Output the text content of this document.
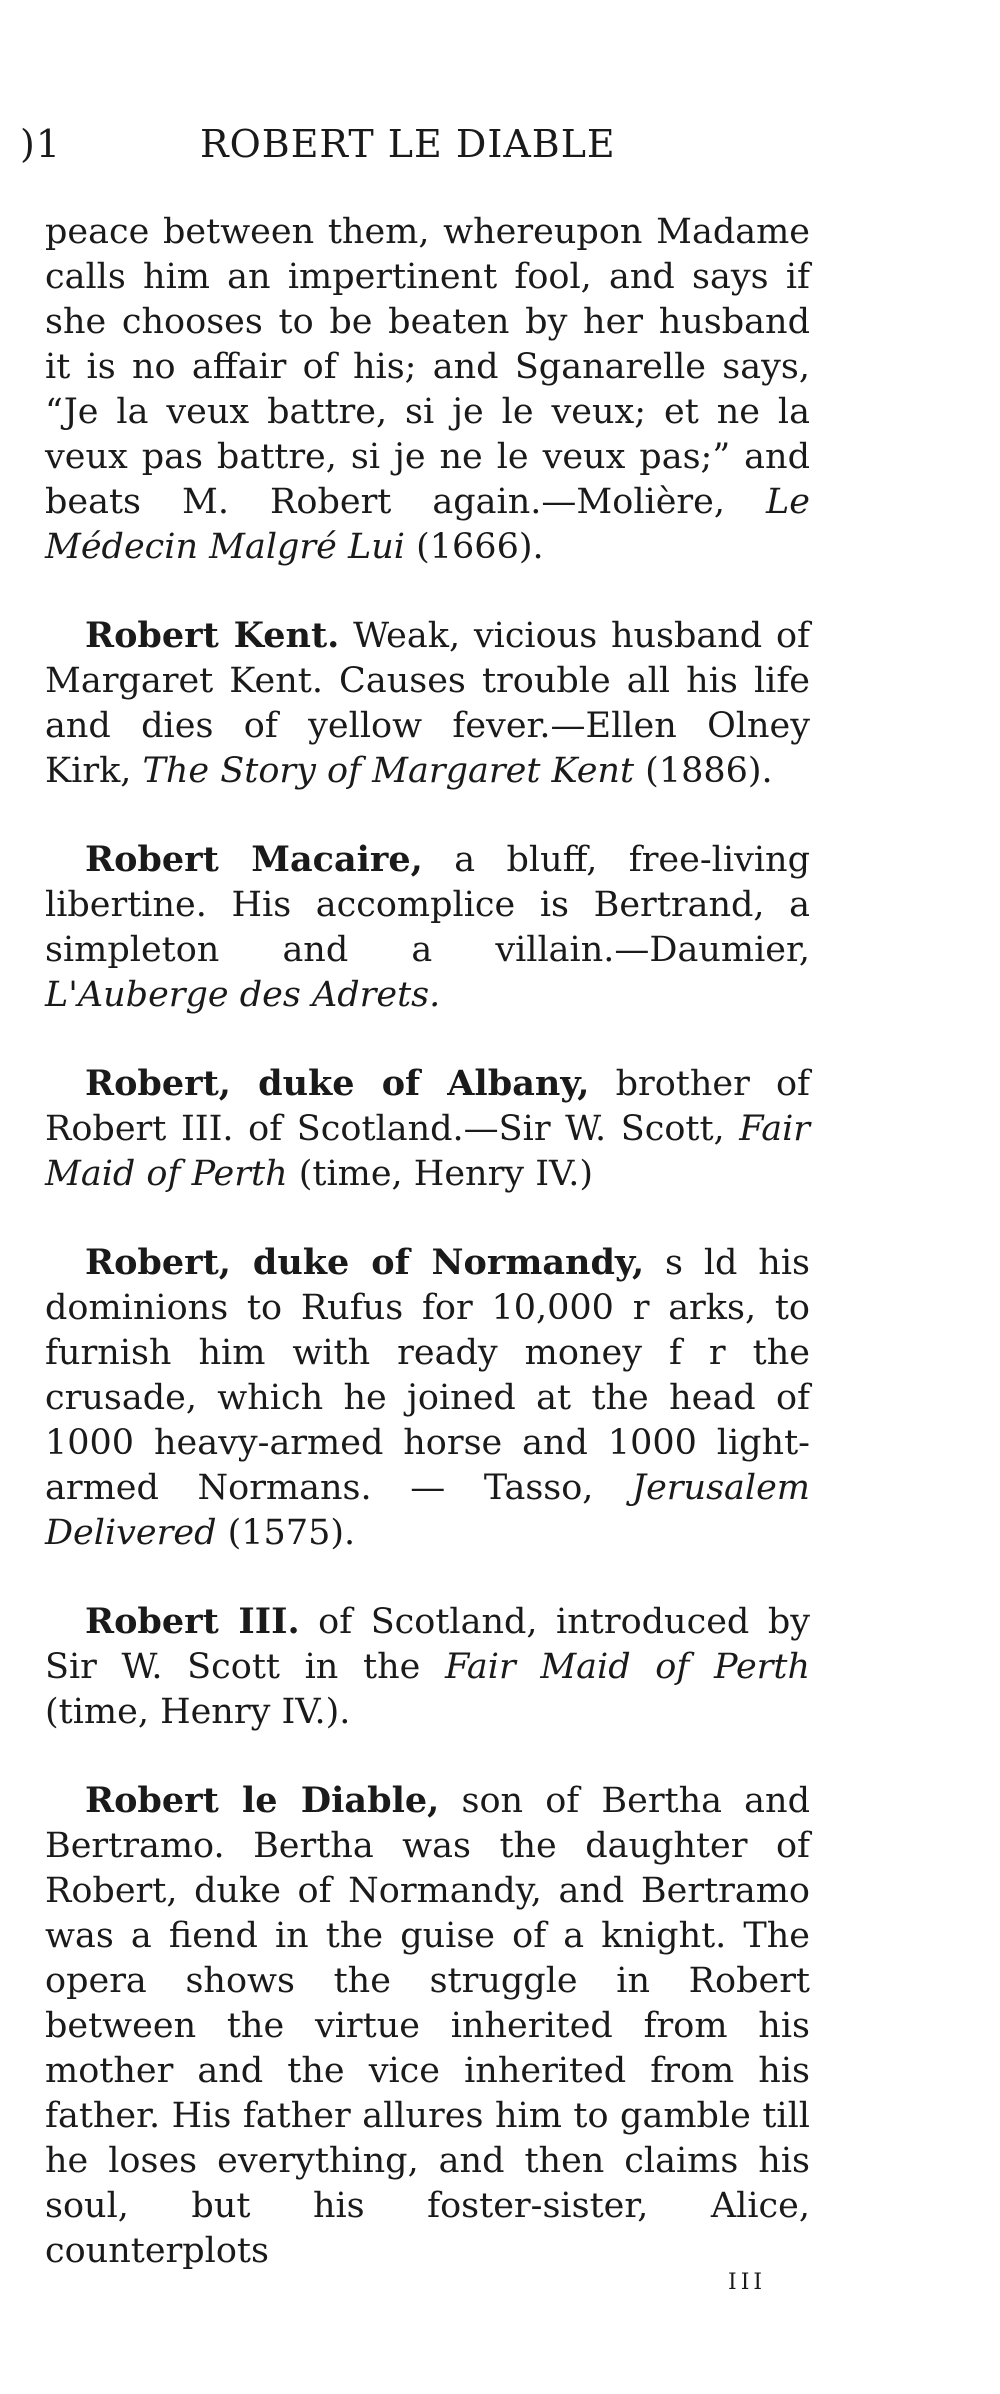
)1	ROBERT LE DIABLE

peace between them, whereupon Madame calls him an impertinent fool, and says if she chooses to be beaten by her husband it is no affair of his; and Sganarelle says, “Je la veux battre, si je le veux; et ne la veux pas battre, si je ne le veux pas;” and beats M. Robert again.—Molière, Le Médecin Malgré Lui (1666).

Robert Kent. Weak, vicious husband of Margaret Kent. Causes trouble all his life and dies of yellow fever.—Ellen Olney Kirk, The Story of Margaret Kent (1886).

Robert Macaire, a bluff, free-living libertine. His accomplice is Bertrand, a simpleton and a villain.—Daumier, L'Auberge des Adrets.

Robert, duke of Albany, brother of Robert III. of Scotland.—Sir W. Scott, Fair Maid of Perth (time, Henry IV.)

Robert, duke of Normandy, s ld his dominions to Rufus for 10,000 r arks, to furnish him with ready money f r the crusade, which he joined at the head of 1000 heavy-armed horse and 1000 light-armed Normans. — Tasso, Jerusalem Delivered (1575).

Robert III. of Scotland, introduced by Sir W. Scott in the Fair Maid of Perth (time, Henry IV.).

Robert le Diable, son of Bertha and Bertramo. Bertha was the daughter of Robert, duke of Normandy, and Bertramo was a fiend in the guise of a knight. The opera shows the struggle in Robert between the virtue inherited from his mother and the vice inherited from his father. His father allures him to gamble till he loses everything, and then claims his soul, but his foster-sister, Alice, counterplots

III
